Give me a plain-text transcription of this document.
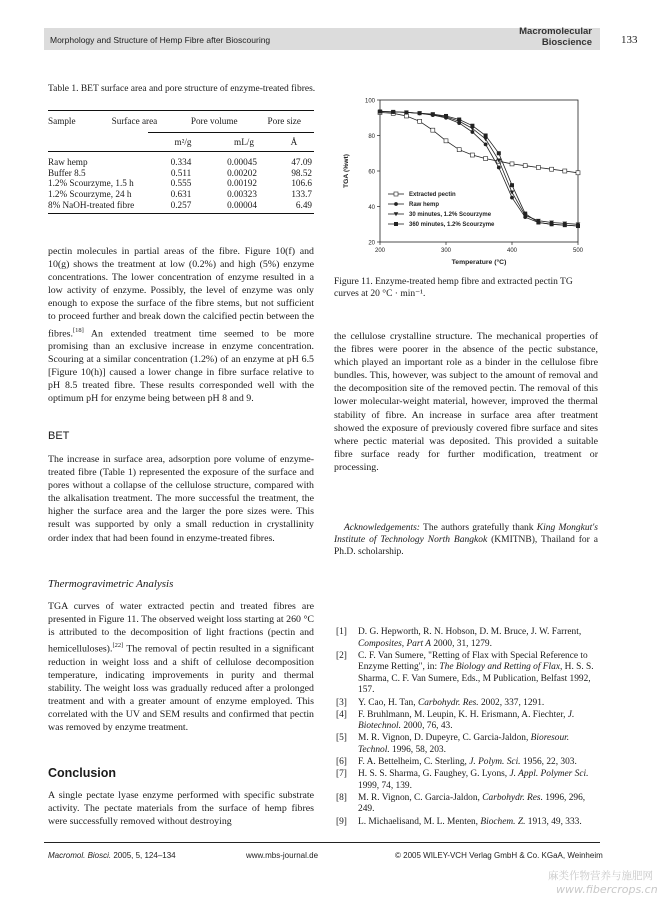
Morphology and Structure of Hemp Fibre after Bioscouring
Macromolecular
Bioscience	133
Table 1. BET surface area and pore structure of enzyme-treated fibres.
Sample	Surface area	Pore volume	Pore size
	m²/g	mL/g	Å
Raw hemp	0.334	0.00045	47.09
Buffer 8.5	0.511	0.00202	98.52
1.2% Scourzyme, 1.5 h	0.555	0.00192	106.6
1.2% Scourzyme, 24 h	0.631	0.00323	133.7
8% NaOH-treated fibre	0.257	0.00004	6.49
20
40
60
80
100
200	300	400	500
Temperature (°C)
TGA (%wt)
Extracted pectin
Raw hemp
30 minutes, 1.2% Scourzyme
360 minutes, 1.2% Scourzyme
Figure 11. Enzyme-treated hemp fibre and extracted pectin TG curves at 20 °C · min⁻¹.
pectin molecules in partial areas of the fibre. Figure 10(f) and 10(g) shows the treatment at low (0.2%) and high (5%) enzyme concentrations. The lower concentration of enzyme resulted in a low activity of enzyme. Possibly, the level of enzyme was only enough to expose the surface of the fibre stems, but not sufficient to proceed further and break down the calcified pectin between the fibres.[18] An extended treatment time seemed to be more promising than an exclusive increase in enzyme concentration. Scouring at a similar concentration (1.2%) of an enzyme at pH 6.5 [Figure 10(h)] caused a lower change in fibre surface relative to pH 8.5 treated fibre. These results corresponded well with the optimum pH for enzyme being between pH 8 and 9.
BET
The increase in surface area, adsorption pore volume of enzyme-treated fibre (Table 1) represented the exposure of the surface and pores without a collapse of the cellulose structure, compared with the alkalisation treatment. The more successful the treatment, the higher the surface area and the larger the pore sizes were. This result was supported by only a small reduction in crystallinity order index that had been found in enzyme-treated fibres.
Thermogravimetric Analysis
TGA curves of water extracted pectin and treated fibres are presented in Figure 11. The observed weight loss starting at 260 °C is attributed to the decomposition of light fractions (pectin and hemicelluloses).[22] The removal of pectin resulted in a significant reduction in weight loss and a shift of cellulose decomposition temperature, indicating improvements in purity and thermal stability. The weight loss was gradually reduced after a prolonged treatment and with a greater amount of enzyme employed. This correlated with the UV and SEM results and confirmed that pectin was removed by enzyme treatment.
Conclusion
A single pectate lyase enzyme performed with specific substrate activity. The pectate materials from the surface of hemp fibres were successfully removed without destroying
the cellulose crystalline structure. The mechanical properties of the fibres were poorer in the absence of the pectic substance, which played an important role as a binder in the cellulose fibre bundles. This, however, was subject to the amount of removal and the decomposition site of the removed pectin. The removal of this lower molecular-weight material, however, improved the thermal stability of fibre. An increase in surface area after treatment showed the exposure of previously covered fibre surface and sites where pectic material was deposited. This provided a suitable fibre surface ready for further modification, treatment or processing.
Acknowledgements: The authors gratefully thank King Mongkut's Institute of Technology North Bangkok (KMITNB), Thailand for a Ph.D. scholarship.
[1]	D. G. Hepworth, R. N. Hobson, D. M. Bruce, J. W. Farrent, Composites, Part A 2000, 31, 1279.
[2]	C. F. Van Sumere, "Retting of Flax with Special Reference to Enzyme Retting", in: The Biology and Retting of Flax, H. S. S. Sharma, C. F. Van Sumere, Eds., M Publication, Belfast 1992, 157.
[3]	Y. Cao, H. Tan, Carbohydr. Res. 2002, 337, 1291.
[4]	F. Bruhlmann, M. Leupin, K. H. Erismann, A. Fiechter, J. Biotechnol. 2000, 76, 43.
[5]	M. R. Vignon, D. Dupeyre, C. Garcia-Jaldon, Bioresour. Technol. 1996, 58, 203.
[6]	F. A. Bettelheim, C. Sterling, J. Polym. Sci. 1956, 22, 303.
[7]	H. S. S. Sharma, G. Faughey, G. Lyons, J. Appl. Polymer Sci. 1999, 74, 139.
[8]	M. R. Vignon, C. Garcia-Jaldon, Carbohydr. Res. 1996, 296, 249.
[9]	L. Michaelisand, M. L. Menten, Biochem. Z. 1913, 49, 333.
Macromol. Biosci. 2005, 5, 124–134	www.mbs-journal.de	© 2005 WILEY-VCH Verlag GmbH & Co. KGaA, Weinheim
麻类作物营养与施肥网
www.fibercrops.cn
